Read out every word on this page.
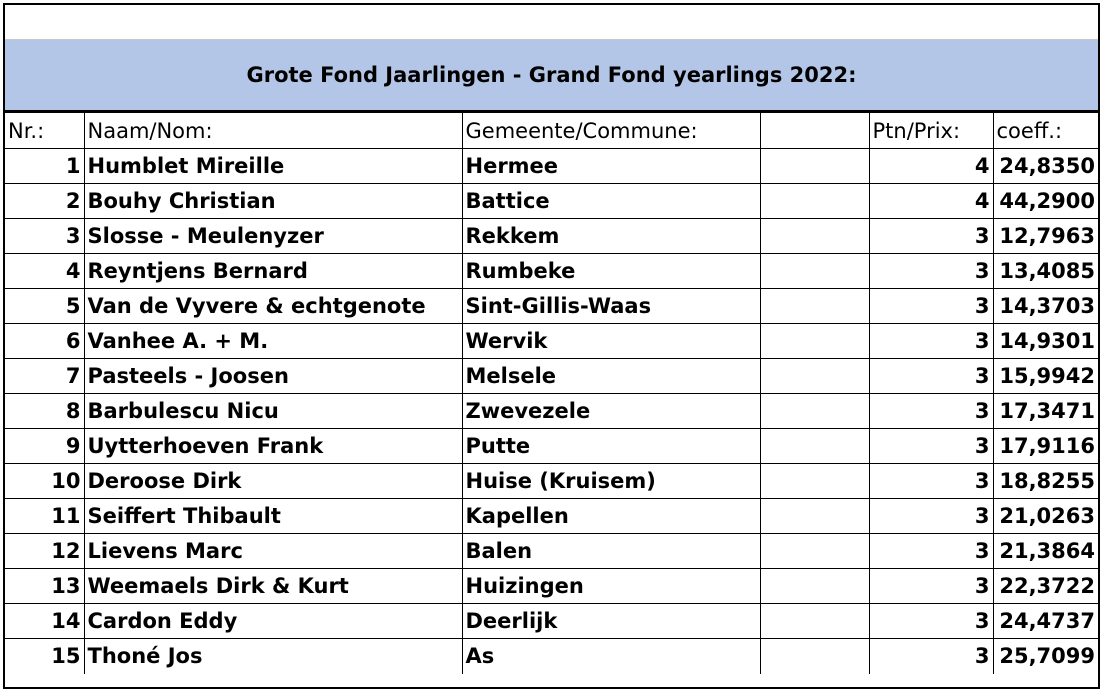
Grote Fond Jaarlingen - Grand Fond yearlings 2022:
Nr.:	Naam/Nom:	Gemeente/Commune:		Ptn/Prix:	coeff.:
1	Humblet Mireille	Hermee		4	24,8350
2	Bouhy Christian	Battice		4	44,2900
3	Slosse - Meulenyzer	Rekkem		3	12,7963
4	Reyntjens Bernard	Rumbeke		3	13,4085
5	Van de Vyvere & echtgenote	Sint-Gillis-Waas		3	14,3703
6	Vanhee A. + M.	Wervik		3	14,9301
7	Pasteels - Joosen	Melsele		3	15,9942
8	Barbulescu Nicu	Zwevezele		3	17,3471
9	Uytterhoeven Frank	Putte		3	17,9116
10	Deroose Dirk	Huise (Kruisem)		3	18,8255
11	Seiffert Thibault	Kapellen		3	21,0263
12	Lievens Marc	Balen		3	21,3864
13	Weemaels Dirk & Kurt	Huizingen		3	22,3722
14	Cardon Eddy	Deerlijk		3	24,4737
15	Thoné Jos	As		3	25,7099
